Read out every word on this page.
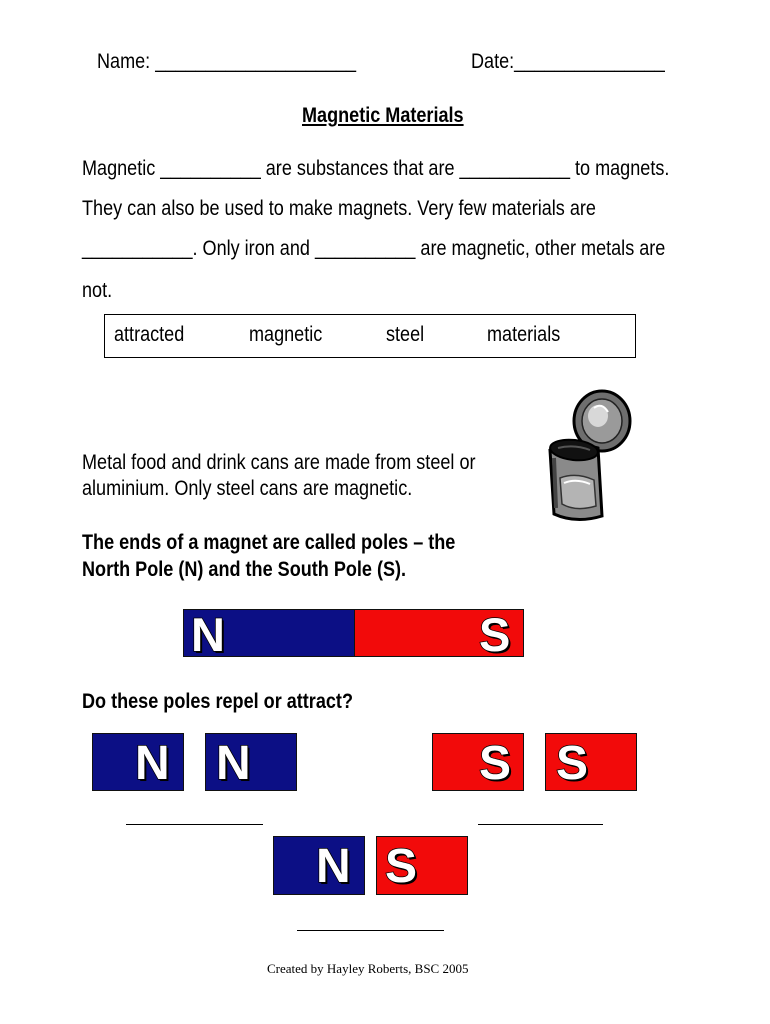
Name: ____________________	Date:_______________
Magnetic Materials
Magnetic __________ are substances that are ___________ to magnets.
They can also be used to make magnets. Very few materials are
___________. Only iron and __________ are magnetic, other metals are
not.
attracted	magnetic	steel	materials
Metal food and drink cans are made from steel or
aluminium. Only steel cans are magnetic.
The ends of a magnet are called poles – the
North Pole (N) and the South Pole (S).
N	S
Do these poles repel or attract?
N N	S S
N S
Created by Hayley Roberts, BSC 2005
